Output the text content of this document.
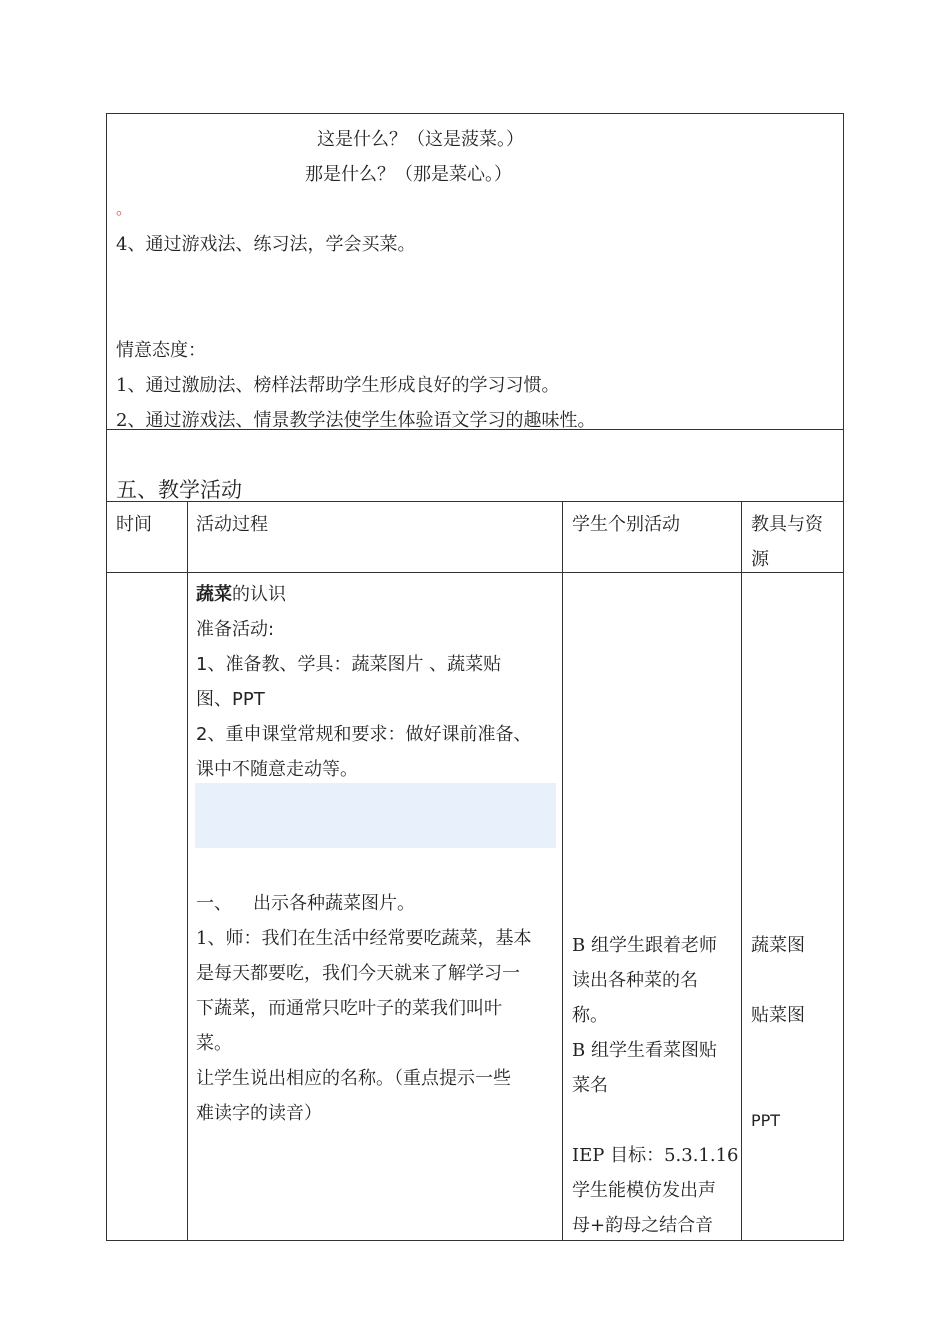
这是什么？（这是菠菜。）
那是什么？（那是菜心。）
。
4、通过游戏法、练习法，学会买菜。
情意态度：
1、通过激励法、榜样法帮助学生形成良好的学习习惯。
2、通过游戏法、情景教学法使学生体验语文学习的趣味性。
五、教学活动
时间 活动过程	学生个别活动	教具与资
源
蔬菜的认识
准备活动:
1、准备教、学具：蔬菜图片 、蔬菜贴
图、PPT
2、重申课堂常规和要求：做好课前准备、
课中不随意走动等。
一、 出示各种蔬菜图片。
1、师：我们在生活中经常要吃蔬菜，基本
是每天都要吃，我们今天就来了解学习一
下蔬菜，而通常只吃叶子的菜我们叫叶
菜。
让学生说出相应的名称。（重点提示一些
难读字的读音）
B 组学生跟着老师
读出各种菜的名
称。
B 组学生看菜图贴
菜名
IEP 目标：5.3.1.16
学生能模仿发出声
母+韵母之结合音
蔬菜图
贴菜图
PPT
